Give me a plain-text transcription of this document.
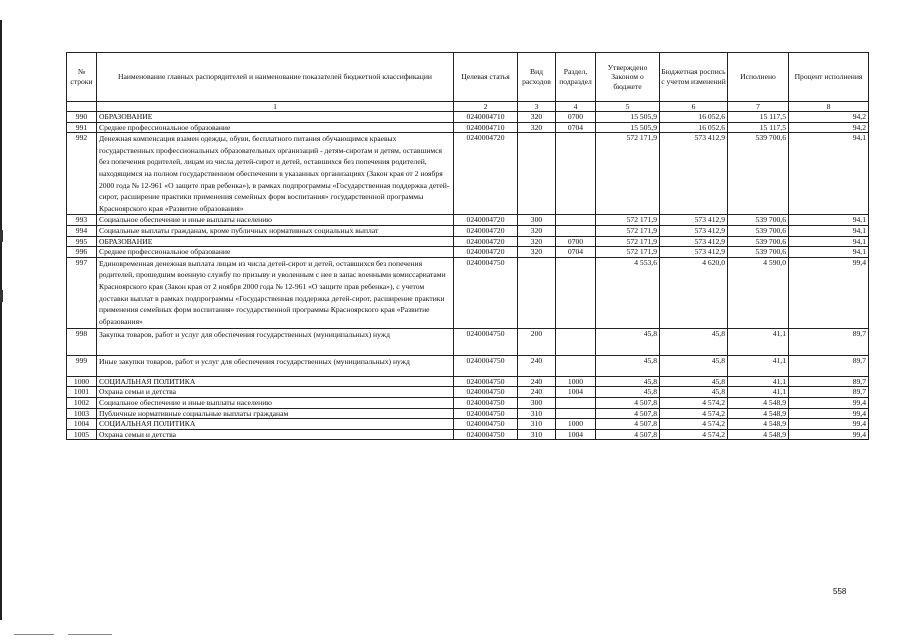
№ строки	Наименование главных распорядителей и наименование показателей бюджетной классификации	Целевая статья	Вид расходов	Раздел, подраздел	Утверждено Законом о бюджете	Бюджетная роспись с учетом изменений	Исполнено	Процент исполнения
	1	2	3	4	5	6	7	8
990	ОБРАЗОВАНИЕ	0240004710	320	0700	15 505,9	16 052,6	15 117,5	94,2
991	Среднее профессиональное образование	0240004710	320	0704	15 505,9	16 052,6	15 117,5	94,2
992	Денежная компенсация взамен одежды, обуви, бесплатного питания обучающимся краевых государственных профессиональных образовательных организаций - детям-сиротам и детям, оставшимся без попечения родителей, лицам из числа детей-сирот и детей, оставшихся без попечения родителей, находящимся на полном государственном обеспечении в указанных организациях (Закон края от 2 ноября 2000 года № 12-961 «О защите прав ребенка»), в рамках подпрограммы «Государственная поддержка детей-сирот, расширение практики применения семейных форм воспитания» государственной программы Красноярского края «Развитие образования»	0240004720			572 171,9	573 412,9	539 700,6	94,1
993	Социальное обеспечение и иные выплаты населению	0240004720	300		572 171,9	573 412,9	539 700,6	94,1
994	Социальные выплаты гражданам, кроме публичных нормативных социальных выплат	0240004720	320		572 171,9	573 412,9	539 700,6	94,1
995	ОБРАЗОВАНИЕ	0240004720	320	0700	572 171,9	573 412,9	539 700,6	94,1
996	Среднее профессиональное образование	0240004720	320	0704	572 171,9	573 412,9	539 700,6	94,1
997	Единовременная денежная выплата лицам из числа детей-сирот и детей, оставшихся без попечения родителей, прошедшим военную службу по призыву и уволенным с нее в запас военными комиссариатами Красноярского края (Закон края от 2 ноября 2000 года № 12-961 «О защите прав ребенка»), с учетом доставки выплат в рамках подпрограммы «Государственная поддержка детей-сирот, расширение практики применения семейных форм воспитания» государственной программы Красноярского края «Развитие образования»	0240004750			4 553,6	4 620,0	4 590,0	99,4
998	Закупка товаров, работ и услуг для обеспечения государственных (муниципальных) нужд	0240004750	200		45,8	45,8	41,1	89,7
999	Иные закупки товаров, работ и услуг для обеспечения государственных (муниципальных) нужд	0240004750	240		45,8	45,8	41,1	89,7
1000	СОЦИАЛЬНАЯ ПОЛИТИКА	0240004750	240	1000	45,8	45,8	41,1	89,7
1001	Охрана семьи и детства	0240004750	240	1004	45,8	45,8	41,1	89,7
1002	Социальное обеспечение и иные выплаты населению	0240004750	300		4 507,8	4 574,2	4 548,9	99,4
1003	Публичные нормативные социальные выплаты гражданам	0240004750	310		4 507,8	4 574,2	4 548,9	99,4
1004	СОЦИАЛЬНАЯ ПОЛИТИКА	0240004750	310	1000	4 507,8	4 574,2	4 548,9	99,4
1005	Охрана семьи и детства	0240004750	310	1004	4 507,8	4 574,2	4 548,9	99,4
558
